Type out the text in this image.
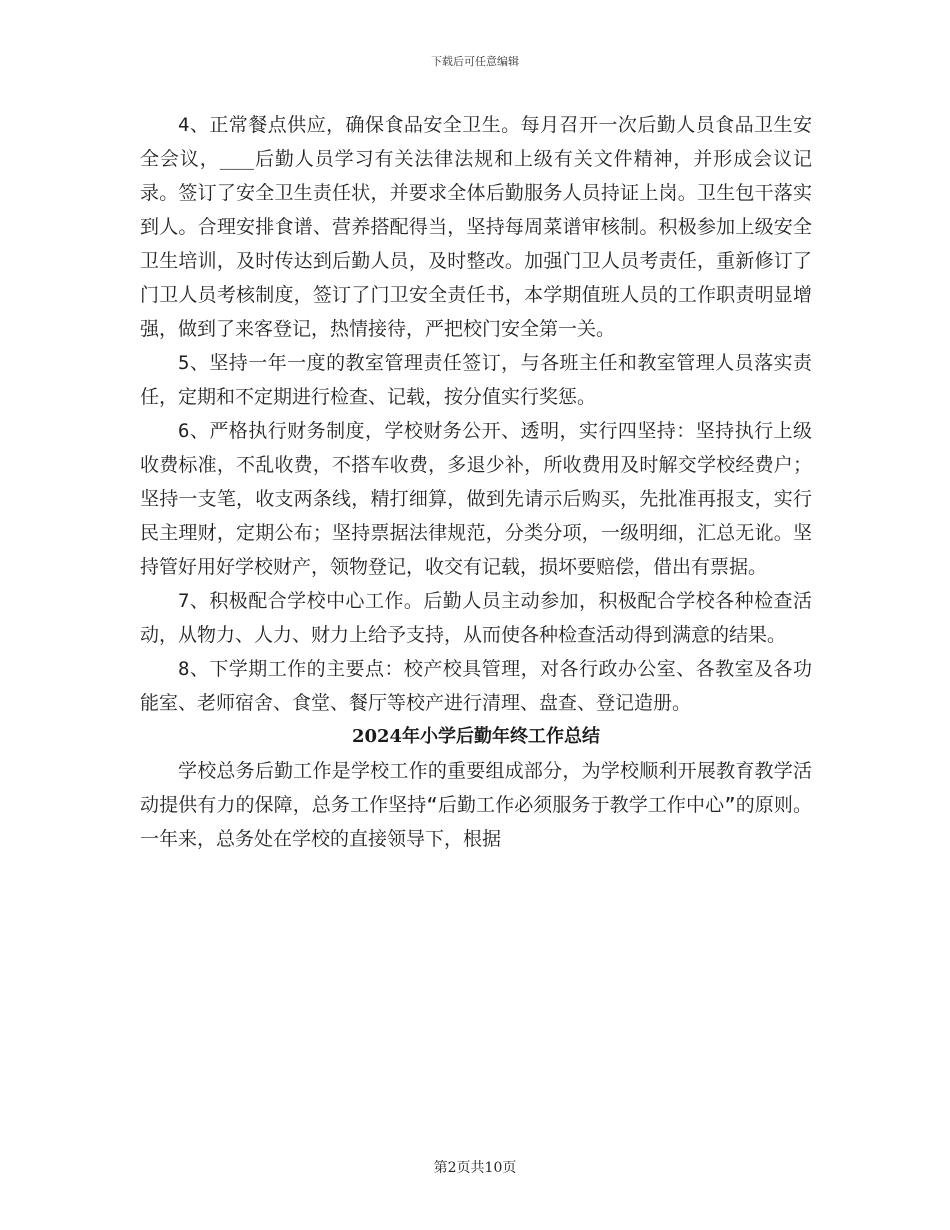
下载后可任意编辑

4、正常餐点供应，确保食品安全卫生。每月召开一次后勤人员食品卫生安全会议，___后勤人员学习有关法律法规和上级有关文件精神，并形成会议记录。签订了安全卫生责任状，并要求全体后勤服务人员持证上岗。卫生包干落实到人。合理安排食谱、营养搭配得当，坚持每周菜谱审核制。积极参加上级安全卫生培训，及时传达到后勤人员，及时整改。加强门卫人员考责任，重新修订了门卫人员考核制度，签订了门卫安全责任书，本学期值班人员的工作职责明显增强，做到了来客登记，热情接待，严把校门安全第一关。

5、坚持一年一度的教室管理责任签订，与各班主任和教室管理人员落实责任，定期和不定期进行检查、记载，按分值实行奖惩。

6、严格执行财务制度，学校财务公开、透明，实行四坚持：坚持执行上级收费标准，不乱收费，不搭车收费，多退少补，所收费用及时解交学校经费户；坚持一支笔，收支两条线，精打细算，做到先请示后购买，先批准再报支，实行民主理财，定期公布；坚持票据法律规范，分类分项，一级明细，汇总无讹。坚持管好用好学校财产，领物登记，收交有记载，损坏要赔偿，借出有票据。

7、积极配合学校中心工作。后勤人员主动参加，积极配合学校各种检查活动，从物力、人力、财力上给予支持，从而使各种检查活动得到满意的结果。

8、下学期工作的主要点：校产校具管理，对各行政办公室、各教室及各功能室、老师宿舍、食堂、餐厅等校产进行清理、盘查、登记造册。

2024年小学后勤年终工作总结

学校总务后勤工作是学校工作的重要组成部分，为学校顺利开展教育教学活动提供有力的保障，总务工作坚持“后勤工作必须服务于教学工作中心”的原则。一年来，总务处在学校的直接领导下，根据

第2页共10页
